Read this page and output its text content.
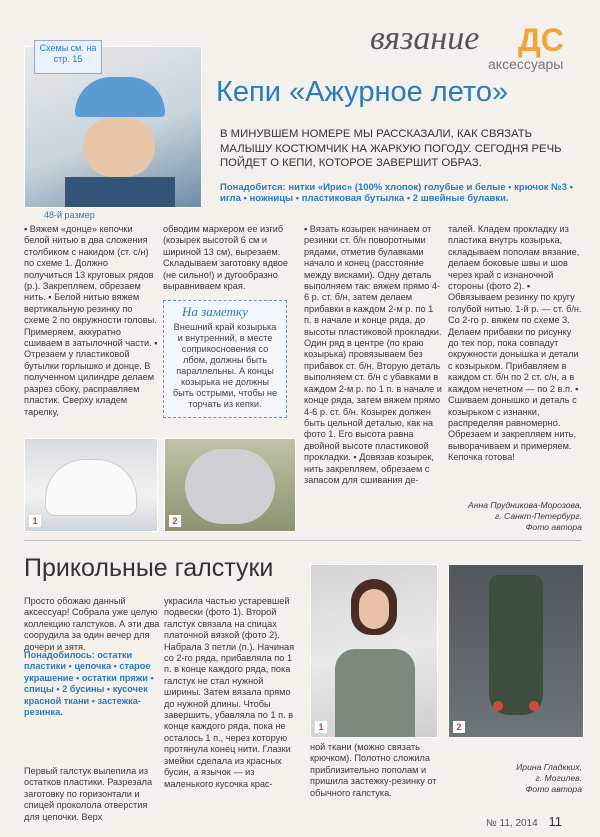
вязание ДС
аксессуары
Схемы см. на стр. 15
48-й размер
Кепи «Ажурное лето»
В МИНУВШЕМ НОМЕРЕ МЫ РАССКАЗАЛИ, КАК СВЯЗАТЬ МАЛЫШУ КОСТЮМЧИК НА ЖАРКУЮ ПОГОДУ. СЕГОДНЯ РЕЧЬ ПОЙДЕТ О КЕПИ, КОТОРОЕ ЗАВЕРШИТ ОБРАЗ.
Понадобится: нитки «Ирис» (100% хлопок) голубые и белые • крючок №3 • игла • ножницы • пластиковая бутылка • 2 швейные булавки.
▪ Вяжем «донце» кепочки белой нитью в два сложения столбиком с накидом (ст. с/н) по схеме 1. Должно получиться 13 круговых рядов (р.). Закрепляем, обрезаем нить. ▪ Белой нитью вяжем вертикальную резинку по схеме 2 по окружности головы. Примеряем, аккуратно сшиваем в затылочной части. ▪ Отрезаем у пластиковой бутылки горлышко и донце. В полученном цилиндре делаем разрез сбоку, расправляем пластик. Сверху кладем тарелку,
обводим маркером ее изгиб (козырек высотой 6 см и шириной 13 см), вырезаем. Складываем заготовку вдвое (не сильно!) и дугообразно выравниваем края.
На заметку
Внешний край козырька и внутренний, в месте соприкосновения со лбом, должны быть параллельны. А концы козырька не должны быть острыми, чтобы не торчать из кепки.
▪ Вязать козырек начинаем от резинки ст. б/н поворотными рядами, отметив булавками начало и конец (расстояние между висками). Одну деталь выполняем так: вяжем прямо 4-6 р. ст. б/н, затем делаем прибавки в каждом 2-м р. по 1 п. в начале и конце ряда, до высоты пластиковой прокладки. Один ряд в центре (по краю козырька) провязываем без прибавок ст. б/н. Вторую деталь выполняем ст. б/н с убавками в каждом 2-м р. по 1 п. в начале и конце ряда, затем вяжем прямо 4-6 р. ст. б/н. Козырек должен быть цельной деталью, как на фото 1. Его высота равна двойной высоте пластиковой прокладки. ▪ Довязав козырек, нить закрепляем, обрезаем с запасом для сшивания де-
талей. Кладем прокладку из пластика внутрь козырька, складываем пополам вязание, делаем боковые швы и шов через край с изнаночной стороны (фото 2). ▪ Обвязываем резинку по кругу голубой нитью. 1-й р. — ст. б/н. Со 2-го р. вяжем по схеме 3. Делаем прибавки по рисунку до тех пор, пока совпадут окружности донышка и детали с козырьком. Прибавляем в каждом ст. б/н по 2 ст. с/н, а в каждом нечетном — по 2 в.п. ▪ Сшиваем донышко и деталь с козырьком с изнанки, распределяя равномерно. Обрезаем и закрепляем нить, выворачиваем и примеряем. Кепочка готова!
Анна Прудникова-Морозова,
г. Санкт-Петербург.
Фото автора
1	2
Прикольные галстуки
Просто обожаю данный аксессуар! Собрала уже целую коллекцию галстуков. А эти два соорудила за один вечер для дочери и зятя.
Понадобилось: остатки пластики • цепочка • старое украшение • остатки пряжи • спицы • 2 бусины • кусочек красной ткани • застежка-резинка.
Первый галстук вылепила из остатков пластики. Разрезала заготовку по горизонтали и спицей проколола отверстия для цепочки. Верх
украсила частью устаревшей подвески (фото 1). Второй галстук связала на спицах платочной вязкой (фото 2). Набрала 3 петли (п.). Начиная со 2-го ряда, прибавляла по 1 п. в конце каждого ряда, пока галстук не стал нужной ширины. Затем вязала прямо до нужной длины. Чтобы завершить, убавляла по 1 п. в конце каждого ряда, пока не осталось 1 п., через которую протянула конец нити. Глазки змейки сделала из красных бусин, а язычок — из маленького кусочка крас-
1	2
ной ткани (можно связать крючком). Полотно сложила приблизительно пополам и пришила застежку-резинку от обычного галстука.
Ирина Гладкких,
г. Могилев.
Фото автора
№ 11, 2014 11
